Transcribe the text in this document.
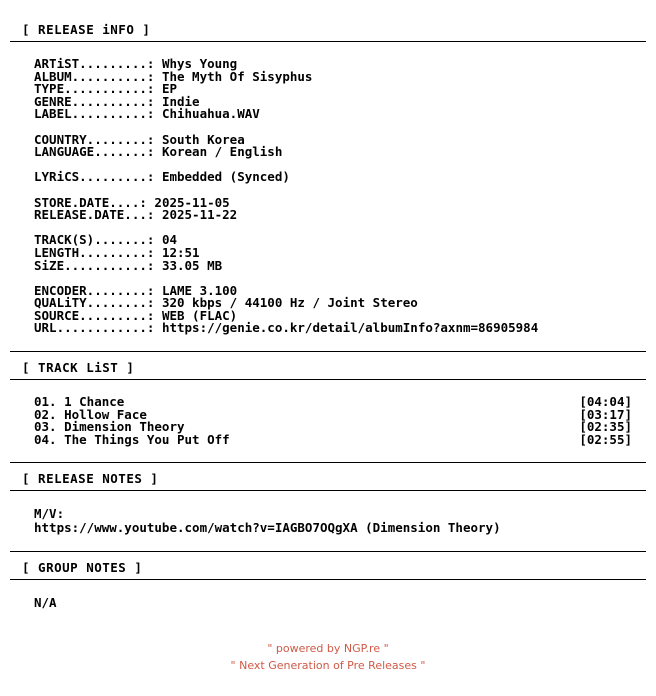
[ RELEASE iNFO ]
ARTiST.........: Whys Young
ALBUM..........: The Myth Of Sisyphus
TYPE...........: EP
GENRE..........: Indie
LABEL..........: Chihuahua.WAV
COUNTRY........: South Korea
LANGUAGE.......: Korean / English
LYRiCS.........: Embedded (Synced)
STORE.DATE....: 2025-11-05
RELEASE.DATE...: 2025-11-22
TRACK(S).......: 04
LENGTH.........: 12:51
SiZE...........: 33.05 MB
ENCODER........: LAME 3.100
QUALiTY........: 320 kbps / 44100 Hz / Joint Stereo
SOURCE.........: WEB (FLAC)
URL............: https://genie.co.kr/detail/albumInfo?axnm=86905984
[ TRACK LiST ]
01. 1 Chance	[04:04]
02. Hollow Face	[03:17]
03. Dimension Theory	[02:35]
04. The Things You Put Off	[02:55]
[ RELEASE NOTES ]
M/V:
https://www.youtube.com/watch?v=IAGBO7OQgXA (Dimension Theory)
[ GROUP NOTES ]
N/A
" powered by NGP.re "
" Next Generation of Pre Releases "
